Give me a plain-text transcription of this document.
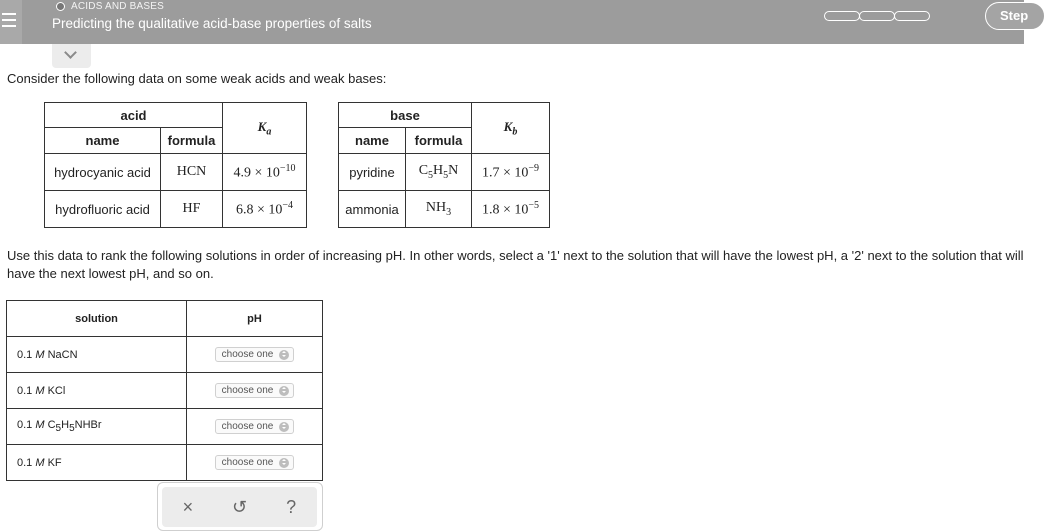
ACIDS AND BASES
Predicting the qualitative acid-base properties of salts
Step
Consider the following data on some weak acids and weak bases:
acid		$K_a$
name	formula	
hydrocyanic acid	HCN	$4.9 \times 10^{-10}$
hydrofluoric acid	HF	$6.8 \times 10^{-4}$
base		$K_b$
name	formula	
pyridine	$C_5H_5N$	$1.7 \times 10^{-9}$
ammonia	$NH_3$	$1.8 \times 10^{-5}$
Use this data to rank the following solutions in order of increasing pH. In other words, select a '1' next to the solution that will have the lowest pH, a '2' next to the solution that will have the next lowest pH, and so on.
solution	pH
0.1 M NaCN	choose one

0.1 M KCl	choose one

0.1 M $C_5H_5NHBr$	choose one

0.1 M KF	choose one
×	↺	?
